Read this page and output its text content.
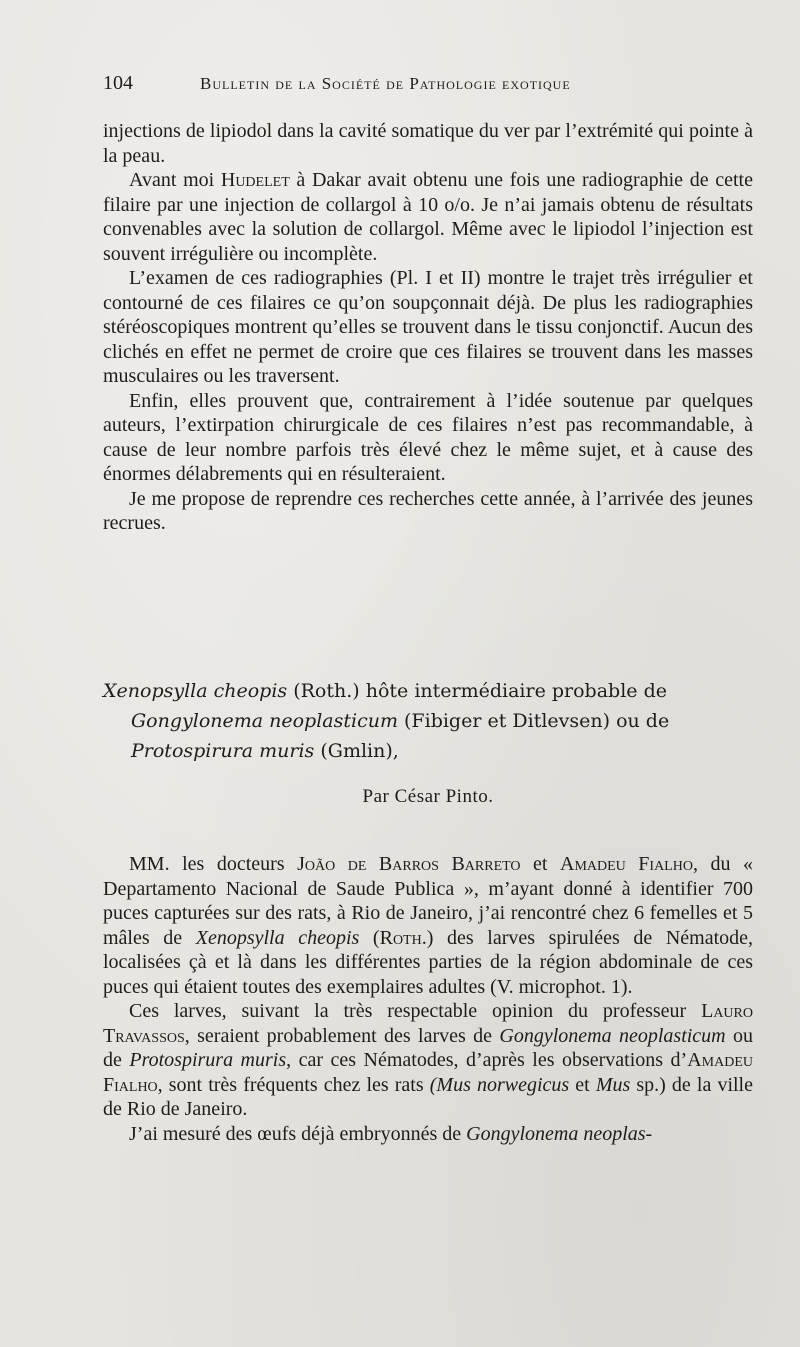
104	Bulletin de la Société de Pathologie exotique

injections de lipiodol dans la cavité somatique du ver par l’extrémité qui pointe à la peau.

Avant moi Hudelet à Dakar avait obtenu une fois une radiographie de cette filaire par une injection de collargol à 10 o/o. Je n’ai jamais obtenu de résultats convenables avec la solution de collargol. Même avec le lipiodol l’injection est souvent irrégulière ou incomplète.

L’examen de ces radiographies (Pl. I et II) montre le trajet très irrégulier et contourné de ces filaires ce qu’on soupçonnait déjà. De plus les radiographies stéréoscopiques montrent qu’elles se trouvent dans le tissu conjonctif. Aucun des clichés en effet ne permet de croire que ces filaires se trouvent dans les masses musculaires ou les traversent.

Enfin, elles prouvent que, contrairement à l’idée soutenue par quelques auteurs, l’extirpation chirurgicale de ces filaires n’est pas recommandable, à cause de leur nombre parfois très élevé chez le même sujet, et à cause des énormes délabrements qui en résulteraient.

Je me propose de reprendre ces recherches cette année, à l’arrivée des jeunes recrues.

Xenopsylla cheopis (Roth.) hôte intermédiaire probable de
Gongylonema neoplasticum (Fibiger et Ditlevsen) ou de
Protospirura muris (Gmlin),
Par César Pinto.

MM. les docteurs João de Barros Barreto et Amadeu Fialho, du « Departamento Nacional de Saude Publica », m’ayant donné à identifier 700 puces capturées sur des rats, à Rio de Janeiro, j’ai rencontré chez 6 femelles et 5 mâles de Xenopsylla cheopis (Roth.) des larves spirulées de Nématode, localisées çà et là dans les différentes parties de la région abdominale de ces puces qui étaient toutes des exemplaires adultes (V. microphot. 1).

Ces larves, suivant la très respectable opinion du professeur Lauro Travassos, seraient probablement des larves de Gongylonema neoplasticum ou de Protospirura muris, car ces Nématodes, d’après les observations d’Amadeu Fialho, sont très fréquents chez les rats (Mus norwegicus et Mus sp.) de la ville de Rio de Janeiro.

J’ai mesuré des œufs déjà embryonnés de Gongylonema neoplas-
